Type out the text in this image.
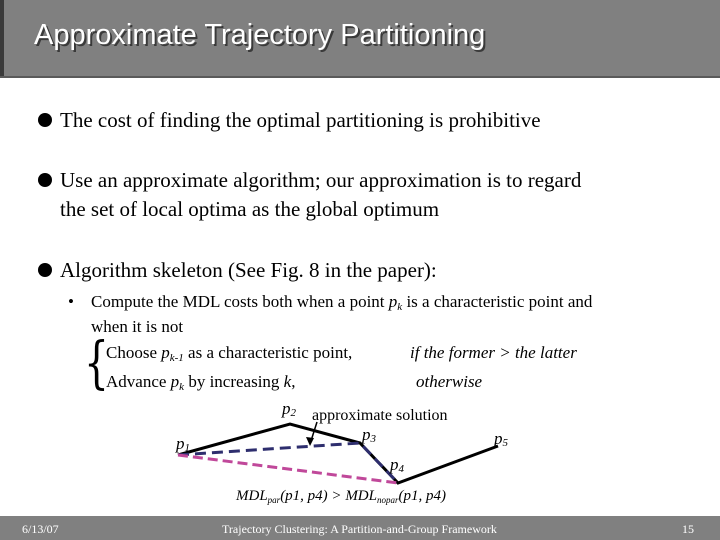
Approximate Trajectory Partitioning
The cost of finding the optimal partitioning is prohibitive
Use an approximate algorithm; our approximation is to regard
the set of local optima as the global optimum
Algorithm skeleton (See Fig. 8 in the paper):
• Compute the MDL costs both when a point $p_k$ is a characteristic point and
when it is not
{
Choose $p_{k-1}$ as a characteristic point,	if the former > the latter
Advance $p_k$ by increasing k,	otherwise
approximate solution
p1
p2
p3
p4
p5
$MDL_{par}(p1$, $p4) > MDL_{nopar}(p1$, p4)
6/13/07	Trajectory Clustering: A Partition-and-Group Framework	15
